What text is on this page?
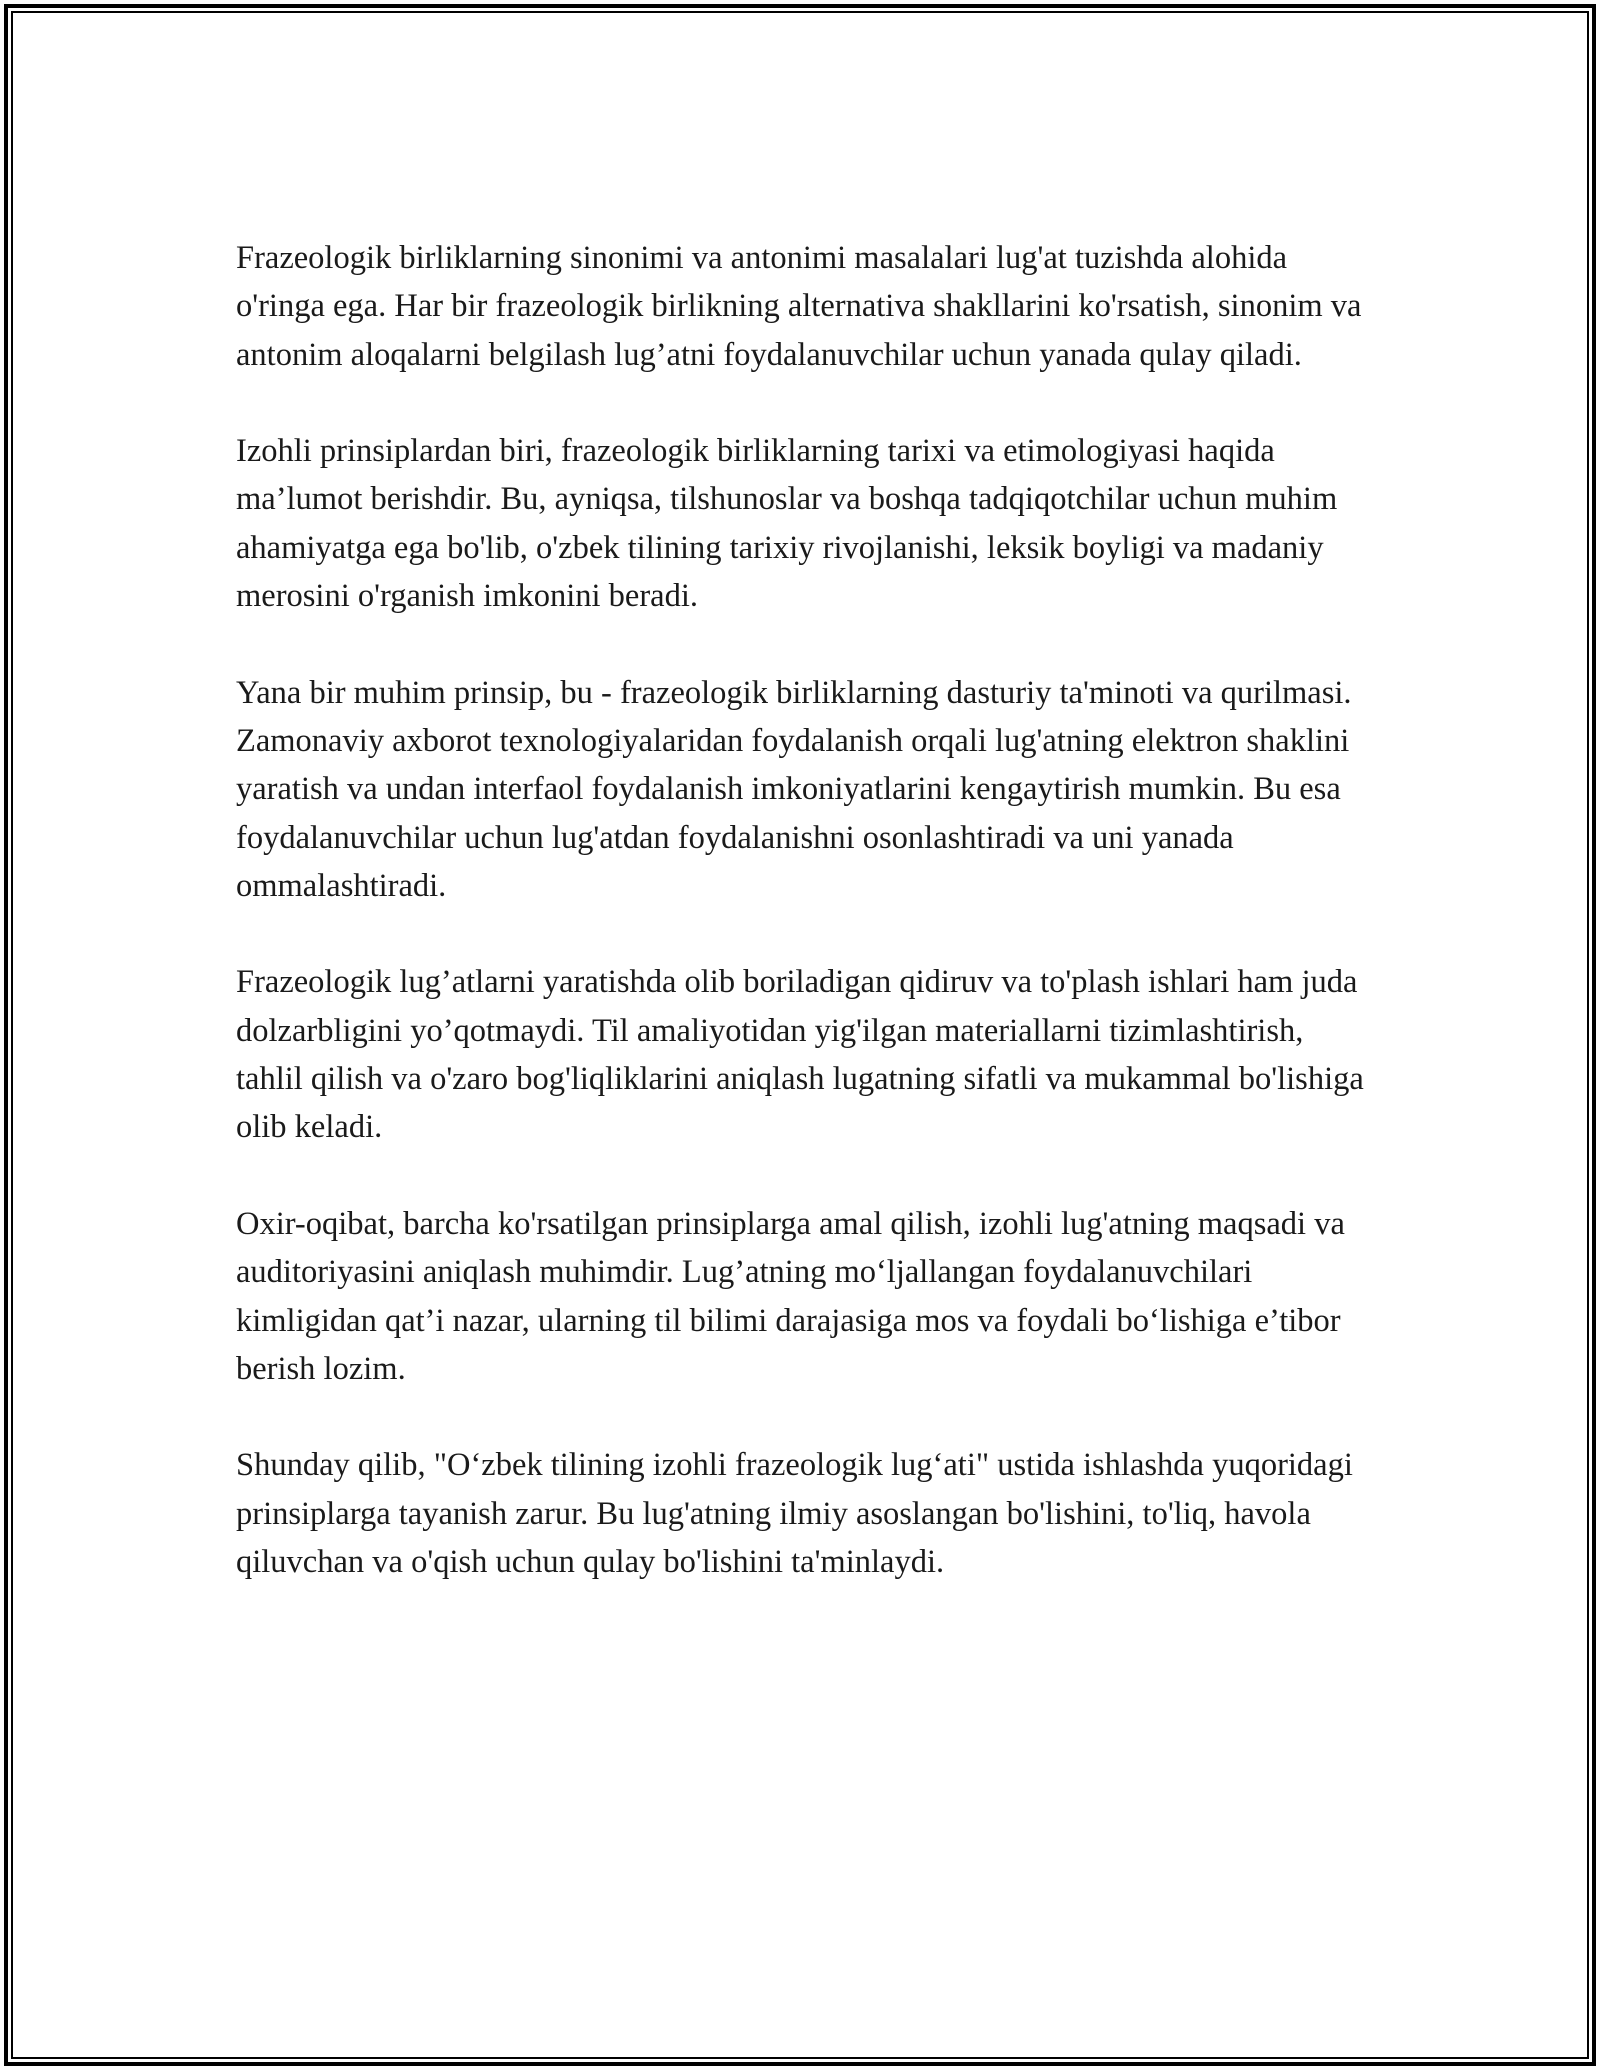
Frazeologik birliklarning sinonimi va antonimi masalalari lug'at tuzishda alohida o'ringa ega. Har bir frazeologik birlikning alternativa shakllarini ko'rsatish, sinonim va antonim aloqalarni belgilash lug’atni foydalanuvchilar uchun yanada qulay qiladi.

Izohli prinsiplardan biri, frazeologik birliklarning tarixi va etimologiyasi haqida ma’lumot berishdir. Bu, ayniqsa, tilshunoslar va boshqa tadqiqotchilar uchun muhim ahamiyatga ega bo'lib, o'zbek tilining tarixiy rivojlanishi, leksik boyligi va madaniy merosini o'rganish imkonini beradi.

Yana bir muhim prinsip, bu - frazeologik birliklarning dasturiy ta'minoti va qurilmasi. Zamonaviy axborot texnologiyalaridan foydalanish orqali lug'atning elektron shaklini yaratish va undan interfaol foydalanish imkoniyatlarini kengaytirish mumkin. Bu esa foydalanuvchilar uchun lug'atdan foydalanishni osonlashtiradi va uni yanada ommalashtiradi.

Frazeologik lug’atlarni yaratishda olib boriladigan qidiruv va to'plash ishlari ham juda dolzarbligini yo’qotmaydi. Til amaliyotidan yig'ilgan materiallarni tizimlashtirish, tahlil qilish va o'zaro bog'liqliklarini aniqlash lugatning sifatli va mukammal bo'lishiga olib keladi.

Oxir-oqibat, barcha ko'rsatilgan prinsiplarga amal qilish, izohli lug'atning maqsadi va auditoriyasini aniqlash muhimdir. Lug’atning mo‘ljallangan foydalanuvchilari kimligidan qat’i nazar, ularning til bilimi darajasiga mos va foydali bo‘lishiga e’tibor berish lozim.

Shunday qilib, "O‘zbek tilining izohli frazeologik lug‘ati" ustida ishlashda yuqoridagi prinsiplarga tayanish zarur. Bu lug'atning ilmiy asoslangan bo'lishini, to'liq, havola qiluvchan va o'qish uchun qulay bo'lishini ta'minlaydi.
